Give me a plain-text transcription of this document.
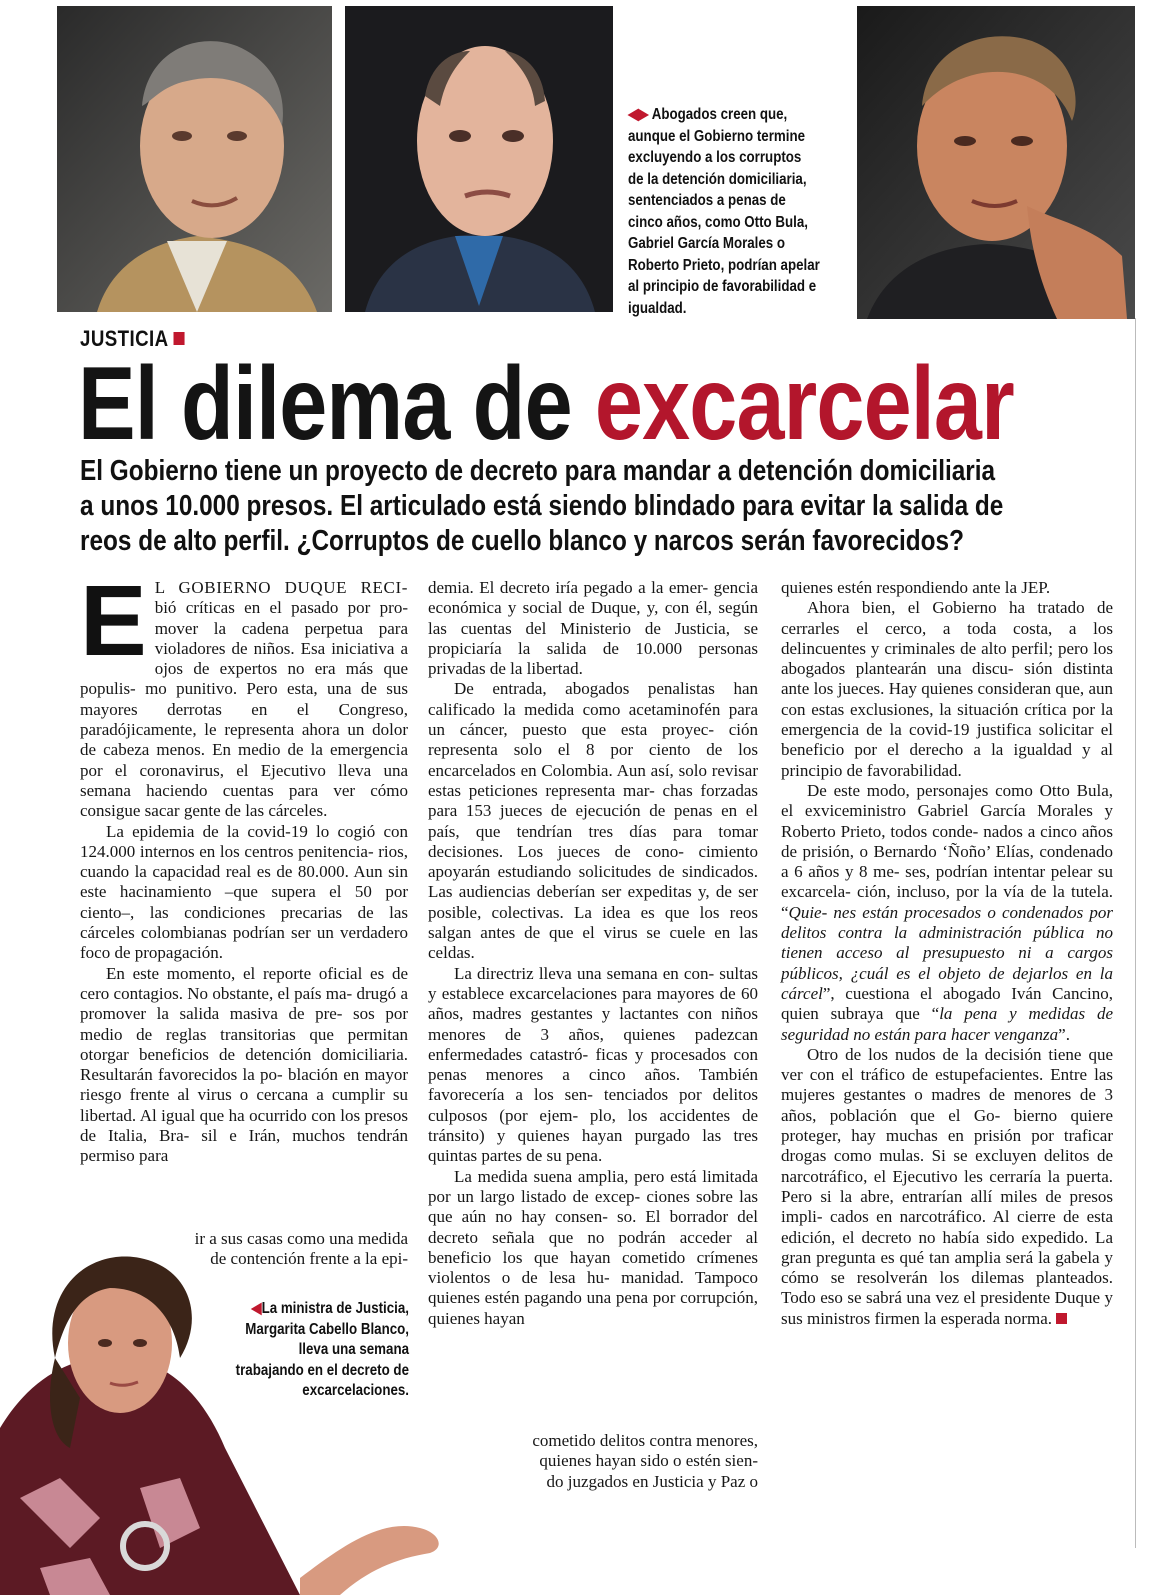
◀▶ Abogados creen que,
aunque el Gobierno termine
excluyendo a los corruptos
de la detención domiciliaria,
sentenciados a penas de
cinco años, como Otto Bula,
Gabriel García Morales o
Roberto Prieto, podrían apelar
al principio de favorabilidad e
igualdad.
JUSTICIA
El dilema de excarcelar
El Gobierno tiene un proyecto de decreto para mandar a detención domiciliaria
a unos 10.000 presos. El articulado está siendo blindado para evitar la salida de
reos de alto perfil. ¿Corruptos de cuello blanco y narcos serán favorecidos?
◀La ministra de Justicia,
Margarita Cabello Blanco,
lleva una semana
trabajando en el decreto de
excarcelaciones.

E L GOBIERNO DUQUE RECI- bió críticas en el pasado por pro- mover la cadena perpetua para violadores de niños. Esa iniciativa a ojos de expertos no era más que populis- mo punitivo. Pero esta, una de sus mayores derrotas en el Congreso, paradójicamente, le representa ahora un dolor de cabeza menos. En medio de la emergencia por el coronavirus, el Ejecutivo lleva una semana haciendo cuentas para ver cómo consigue sacar gente de las cárceles.

La epidemia de la covid-19 lo cogió con 124.000 internos en los centros penitencia- rios, cuando la capacidad real es de 80.000. Aun sin este hacinamiento –que supera el 50 por ciento–, las condiciones precarias de las cárceles colombianas podrían ser un verdadero foco de propagación.

En este momento, el reporte oficial es de cero contagios. No obstante, el país ma- drugó a promover la salida masiva de pre- sos por medio de reglas transitorias que permitan otorgar beneficios de detención domiciliaria. Resultarán favorecidos la po- blación en mayor riesgo frente al virus o cercana a cumplir su libertad. Al igual que ha ocurrido con los presos de Italia, Bra- sil e Irán, muchos tendrán permiso para

ir a sus casas como una medida
de contención frente a la epi-

demia. El decreto iría pegado a la emer- gencia económica y social de Duque, y, con él, según las cuentas del Ministerio de Justicia, se propiciaría la salida de 10.000 personas privadas de la libertad.

De entrada, abogados penalistas han calificado la medida como acetaminofén para un cáncer, puesto que esta proyec- ción representa solo el 8 por ciento de los encarcelados en Colombia. Aun así, solo revisar estas peticiones representa mar- chas forzadas para 153 jueces de ejecución de penas en el país, que tendrían tres días para tomar decisiones. Los jueces de cono- cimiento apoyarán estudiando solicitudes de sindicados. Las audiencias deberían ser expeditas y, de ser posible, colectivas. La idea es que los reos salgan antes de que el virus se cuele en las celdas.

La directriz lleva una semana en con- sultas y establece excarcelaciones para mayores de 60 años, madres gestantes y lactantes con niños menores de 3 años, quienes padezcan enfermedades catastró- ficas y procesados con penas menores a cinco años. También favorecería a los sen- tenciados por delitos culposos (por ejem- plo, los accidentes de tránsito) y quienes hayan purgado las tres quintas partes de su pena.

La medida suena amplia, pero está limitada por un largo listado de excep- ciones sobre las que aún no hay consen- so. El borrador del decreto señala que no podrán acceder al beneficio los que hayan cometido crímenes violentos o de lesa hu- manidad. Tampoco quienes estén pagando una pena por corrupción, quienes hayan

cometido delitos contra menores,
quienes hayan sido o estén sien-
do juzgados en Justicia y Paz o

quienes estén respondiendo ante la JEP.

Ahora bien, el Gobierno ha tratado de cerrarles el cerco, a toda costa, a los delincuentes y criminales de alto perfil; pero los abogados plantearán una discu- sión distinta ante los jueces. Hay quienes consideran que, aun con estas exclusiones, la situación crítica por la emergencia de la covid-19 justifica solicitar el beneficio por el derecho a la igualdad y al principio de favorabilidad.

De este modo, personajes como Otto Bula, el exviceministro Gabriel García Morales y Roberto Prieto, todos conde- nados a cinco años de prisión, o Bernardo ‘Ñoño’ Elías, condenado a 6 años y 8 me- ses, podrían intentar pelear su excarcela- ción, incluso, por la vía de la tutela. “Quie- nes están procesados o condenados por delitos contra la administración pública no tienen acceso al presupuesto ni a cargos públicos, ¿cuál es el objeto de dejarlos en la cárcel”, cuestiona el abogado Iván Cancino, quien subraya que “la pena y medidas de seguridad no están para hacer venganza”.

Otro de los nudos de la decisión tiene que ver con el tráfico de estupefacientes. Entre las mujeres gestantes o madres de menores de 3 años, población que el Go- bierno quiere proteger, hay muchas en prisión por traficar drogas como mulas. Si se excluyen delitos de narcotráfico, el Ejecutivo les cerraría la puerta. Pero si la abre, entrarían allí miles de presos impli- cados en narcotráfico. Al cierre de esta edición, el decreto no había sido expedido. La gran pregunta es qué tan amplia será la gabela y cómo se resolverán los dilemas planteados. Todo eso se sabrá una vez el presidente Duque y sus ministros firmen la esperada norma.
